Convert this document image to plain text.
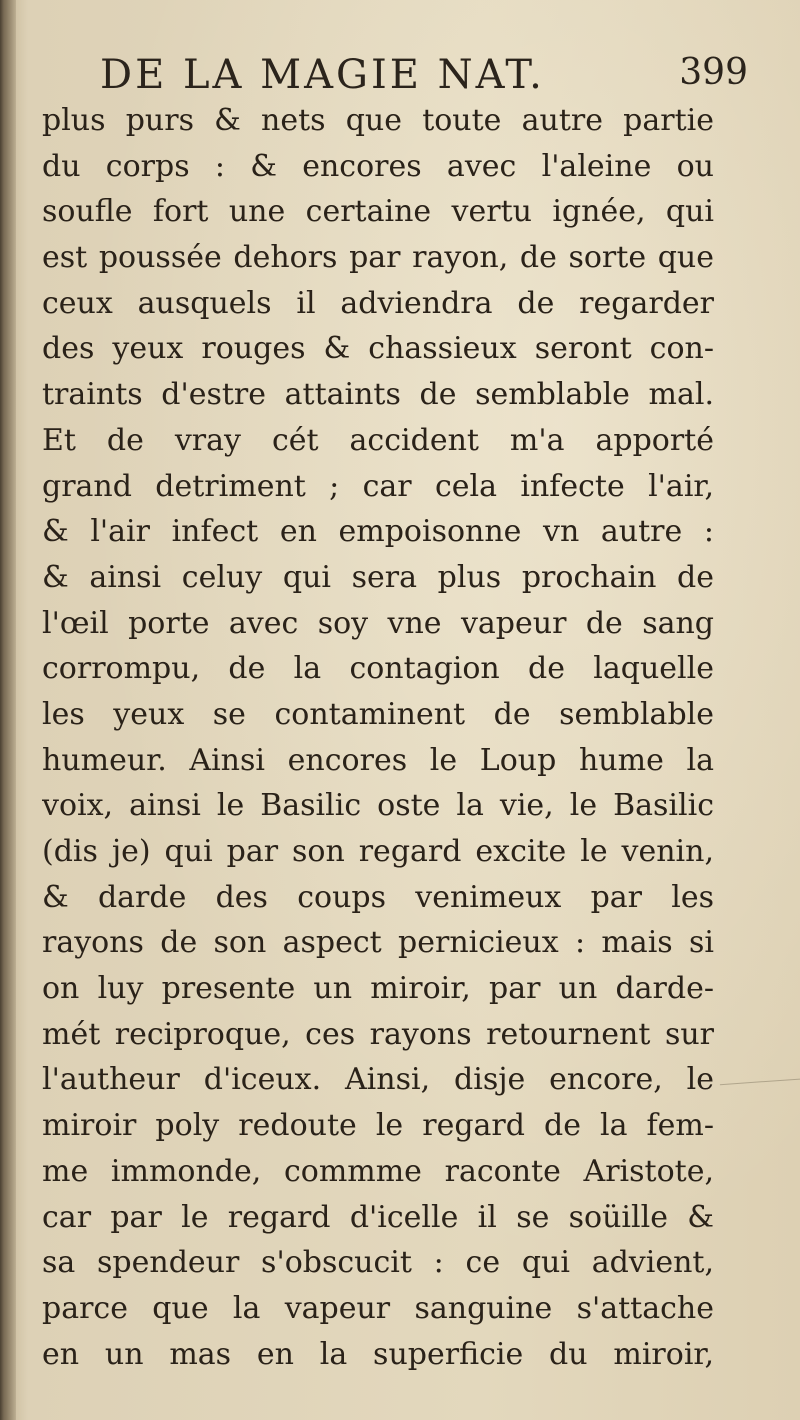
DE LA MAGIE NAT.	399
plus purs & nets que toute autre partie
du corps : & encores avec l'aleine ou
soufle fort une certaine vertu ignée, qui
est poussée dehors par rayon, de sorte que
ceux ausquels il adviendra de regarder
des yeux rouges & chassieux seront con-
traints d'estre attaints de semblable mal.
Et de vray cét accident m'a apporté
grand detriment ; car cela infecte l'air,
& l'air infect en empoisonne vn autre :
& ainsi celuy qui sera plus prochain de
l'œil porte avec soy vne vapeur de sang
corrompu, de la contagion de laquelle
les yeux se contaminent de semblable
humeur. Ainsi encores le Loup hume la
voix, ainsi le Basilic oste la vie, le Basilic
(dis je) qui par son regard excite le venin,
& darde des coups venimeux par les
rayons de son aspect pernicieux : mais si
on luy presente un miroir, par un darde-
mét reciproque, ces rayons retournent sur
l'autheur d'iceux. Ainsi, disje encore, le
miroir poly redoute le regard de la fem-
me immonde, commme raconte Aristote,
car par le regard d'icelle il se soüille &
sa spendeur s'obscucit : ce qui advient,
parce que la vapeur sanguine s'attache
en un mas en la superficie du miroir,
